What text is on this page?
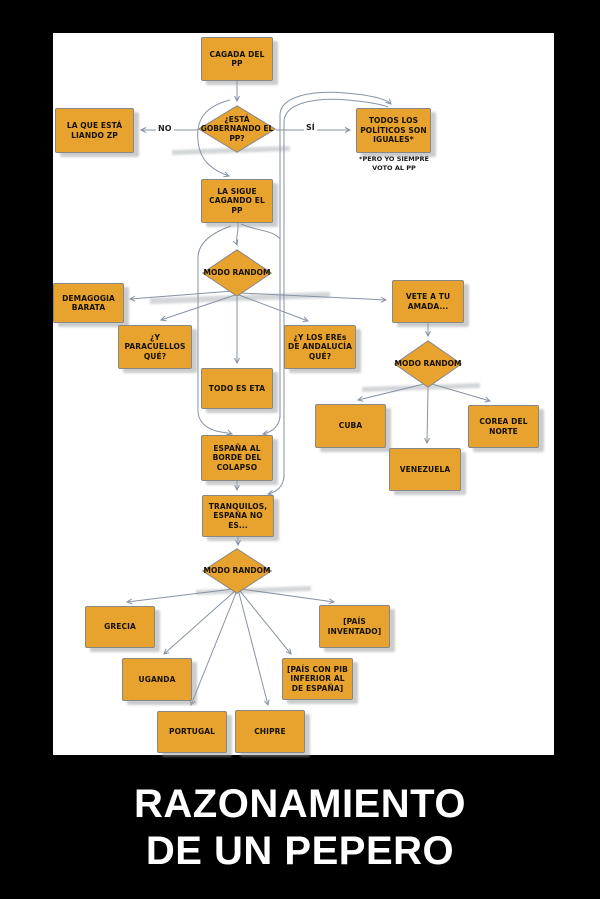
CAGADA DEL PP
LA QUE ESTÁ LIANDO ZP
TODOS LOS POLÍTICOS SON IGUALES*
LA SIGUE CAGANDO EL PP
DEMAGOGIA BARATA
¿Y PARACUELLOS QUÉ?
¿Y LOS EREs DE ANDALUCÍA QUÉ?
VETE A TU AMADA...
TODO ES ETA
CUBA	COREA DEL NORTE
VENEZUELA
ESPAÑA AL BORDE DEL COLAPSO
TRANQUILOS, ESPAÑA NO ES...
GRECIA
UGANDA
PORTUGAL	CHIPRE
[PAÍS CON PIB INFERIOR AL DE ESPAÑA]
[PAÍS INVENTADO]
¿ESTÁ GOBERNANDO EL PP?
MODO RANDOM
MODO RANDOM
MODO RANDOM
NO	SÍ
*PERO YO SIEMPRE
VOTO AL PP
RAZONAMIENTO
DE UN PEPERO
